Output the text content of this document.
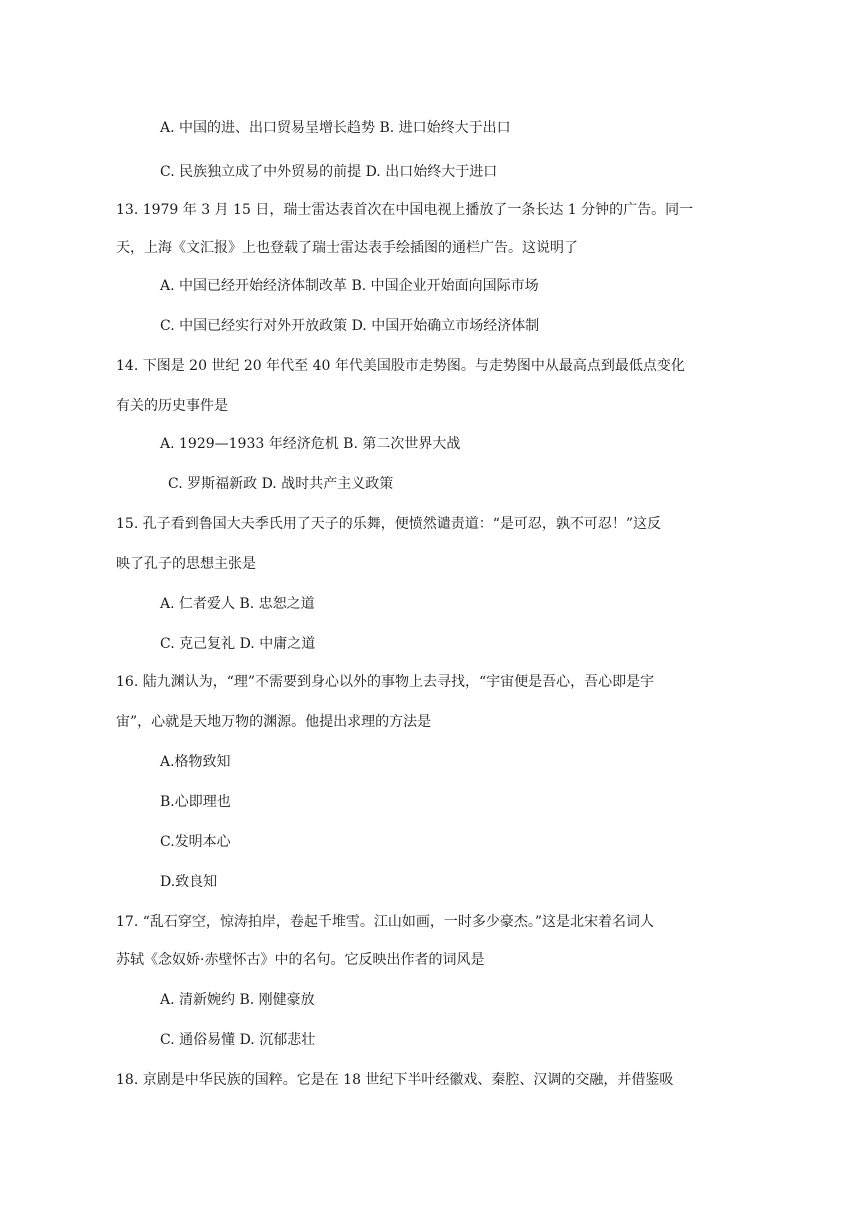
A. 中国的进、出口贸易呈增长趋势 B. 进口始终大于出口
C. 民族独立成了中外贸易的前提 D. 出口始终大于进口
13. 1979 年 3 月 15 日，瑞士雷达表首次在中国电视上播放了一条长达 1 分钟的广告。同一
天，上海《文汇报》上也登载了瑞士雷达表手绘插图的通栏广告。这说明了
A. 中国已经开始经济体制改革 B. 中国企业开始面向国际市场
C. 中国已经实行对外开放政策 D. 中国开始确立市场经济体制
14. 下图是 20 世纪 20 年代至 40 年代美国股市走势图。与走势图中从最高点到最低点变化
有关的历史事件是
A. 1929—1933 年经济危机 B. 第二次世界大战
C. 罗斯福新政 D. 战时共产主义政策
15. 孔子看到鲁国大夫季氏用了天子的乐舞，便愤然谴责道：“是可忍，孰不可忍！”这反
映了孔子的思想主张是
A. 仁者爱人 B. 忠恕之道
C. 克己复礼 D. 中庸之道
16. 陆九渊认为，“理”不需要到身心以外的事物上去寻找，“宇宙便是吾心，吾心即是宇
宙”，心就是天地万物的渊源。他提出求理的方法是
A.格物致知
B.心即理也
C.发明本心
D.致良知
17. “乱石穿空，惊涛拍岸，卷起千堆雪。江山如画，一时多少豪杰。”这是北宋着名词人
苏轼《念奴娇·赤壁怀古》中的名句。它反映出作者的词风是
A. 清新婉约 B. 刚健豪放
C. 通俗易懂 D. 沉郁悲壮
18. 京剧是中华民族的国粹。它是在 18 世纪下半叶经徽戏、秦腔、汉调的交融，并借鉴吸
